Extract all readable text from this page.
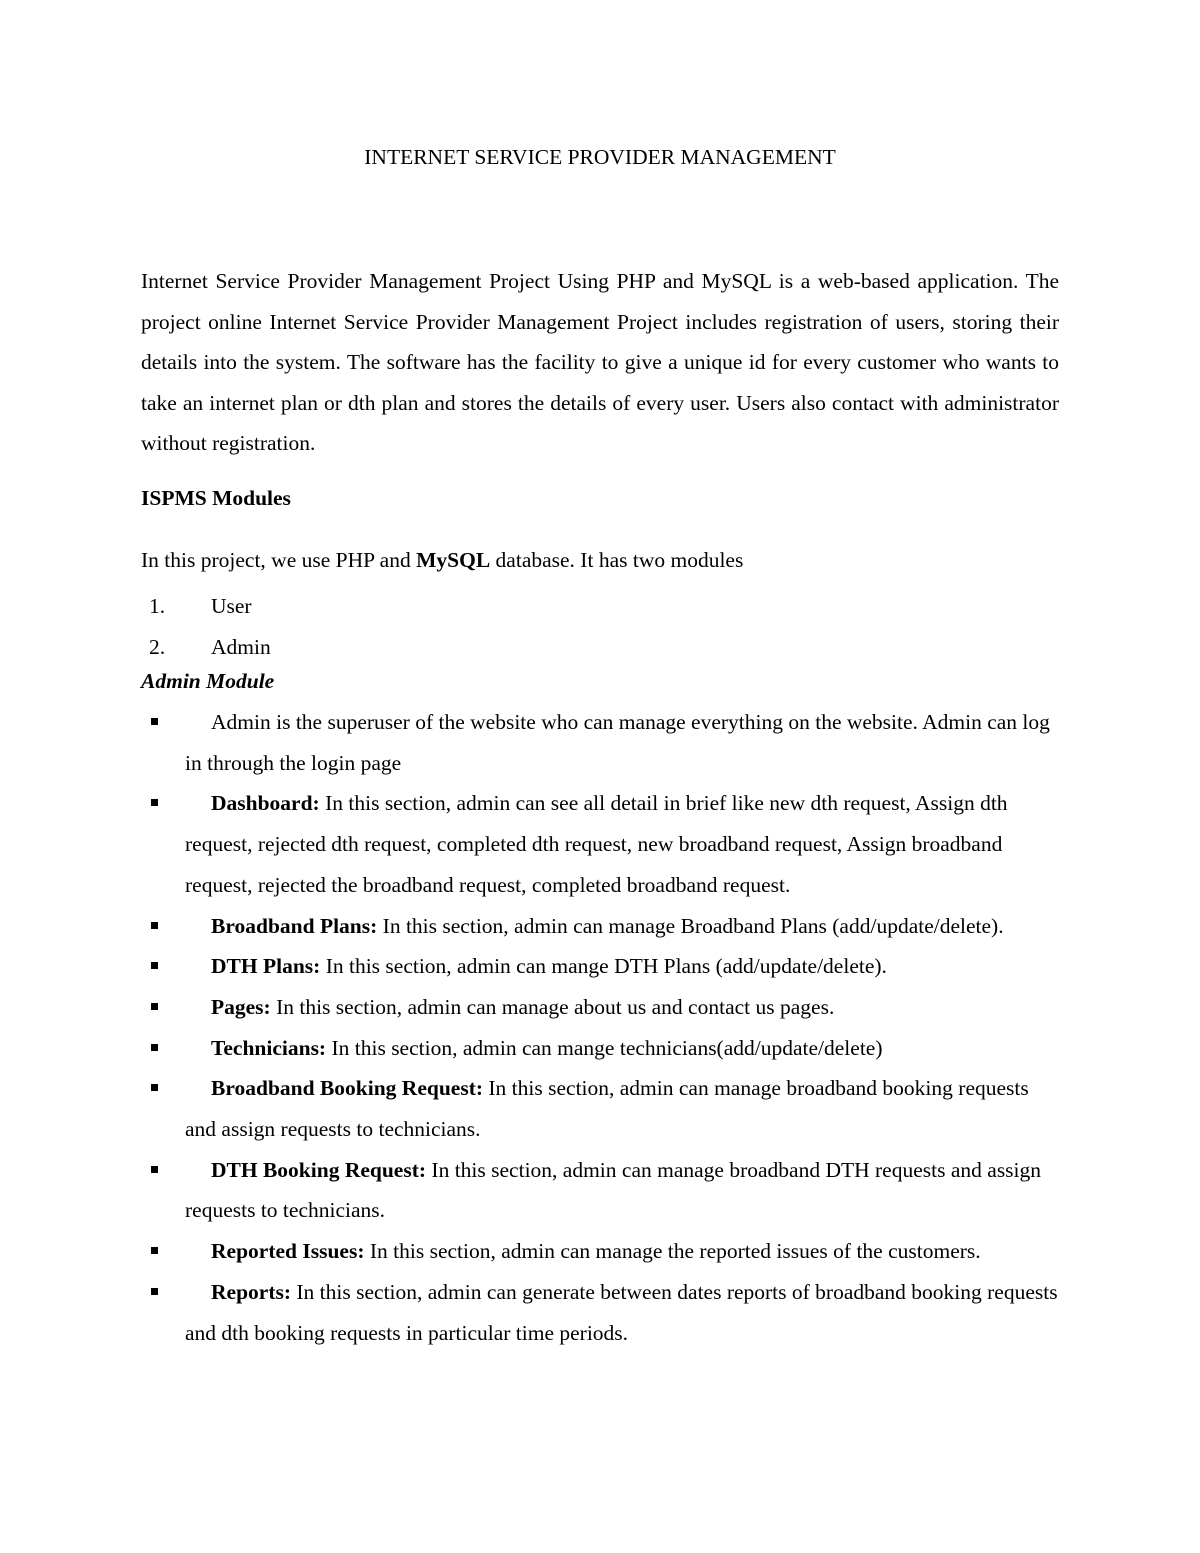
INTERNET SERVICE PROVIDER MANAGEMENT
Internet Service Provider Management Project Using PHP and MySQL is a web-based application. The project online Internet Service Provider Management Project includes registration of users, storing their details into the system. The software has the facility to give a unique id for every customer who wants to take an internet plan or dth plan and stores the details of every user. Users also contact with administrator without registration.
ISPMS Modules
In this project, we use PHP and MySQL database. It has two modules
1. User
2. Admin
Admin Module
Admin is the superuser of the website who can manage everything on the website. Admin can log in through the login page
Dashboard: In this section, admin can see all detail in brief like new dth request, Assign dth request, rejected dth request, completed dth request, new broadband request, Assign broadband request, rejected the broadband request, completed broadband request.
Broadband Plans: In this section, admin can manage Broadband Plans (add/update/delete).
DTH Plans: In this section, admin can mange DTH Plans (add/update/delete).
Pages: In this section, admin can manage about us and contact us pages.
Technicians: In this section, admin can mange technicians(add/update/delete)
Broadband Booking Request: In this section, admin can manage broadband booking requests and assign requests to technicians.
DTH Booking Request: In this section, admin can manage broadband DTH requests and assign requests to technicians.
Reported Issues: In this section, admin can manage the reported issues of the customers.
Reports: In this section, admin can generate between dates reports of broadband booking requests and dth booking requests in particular time periods.
